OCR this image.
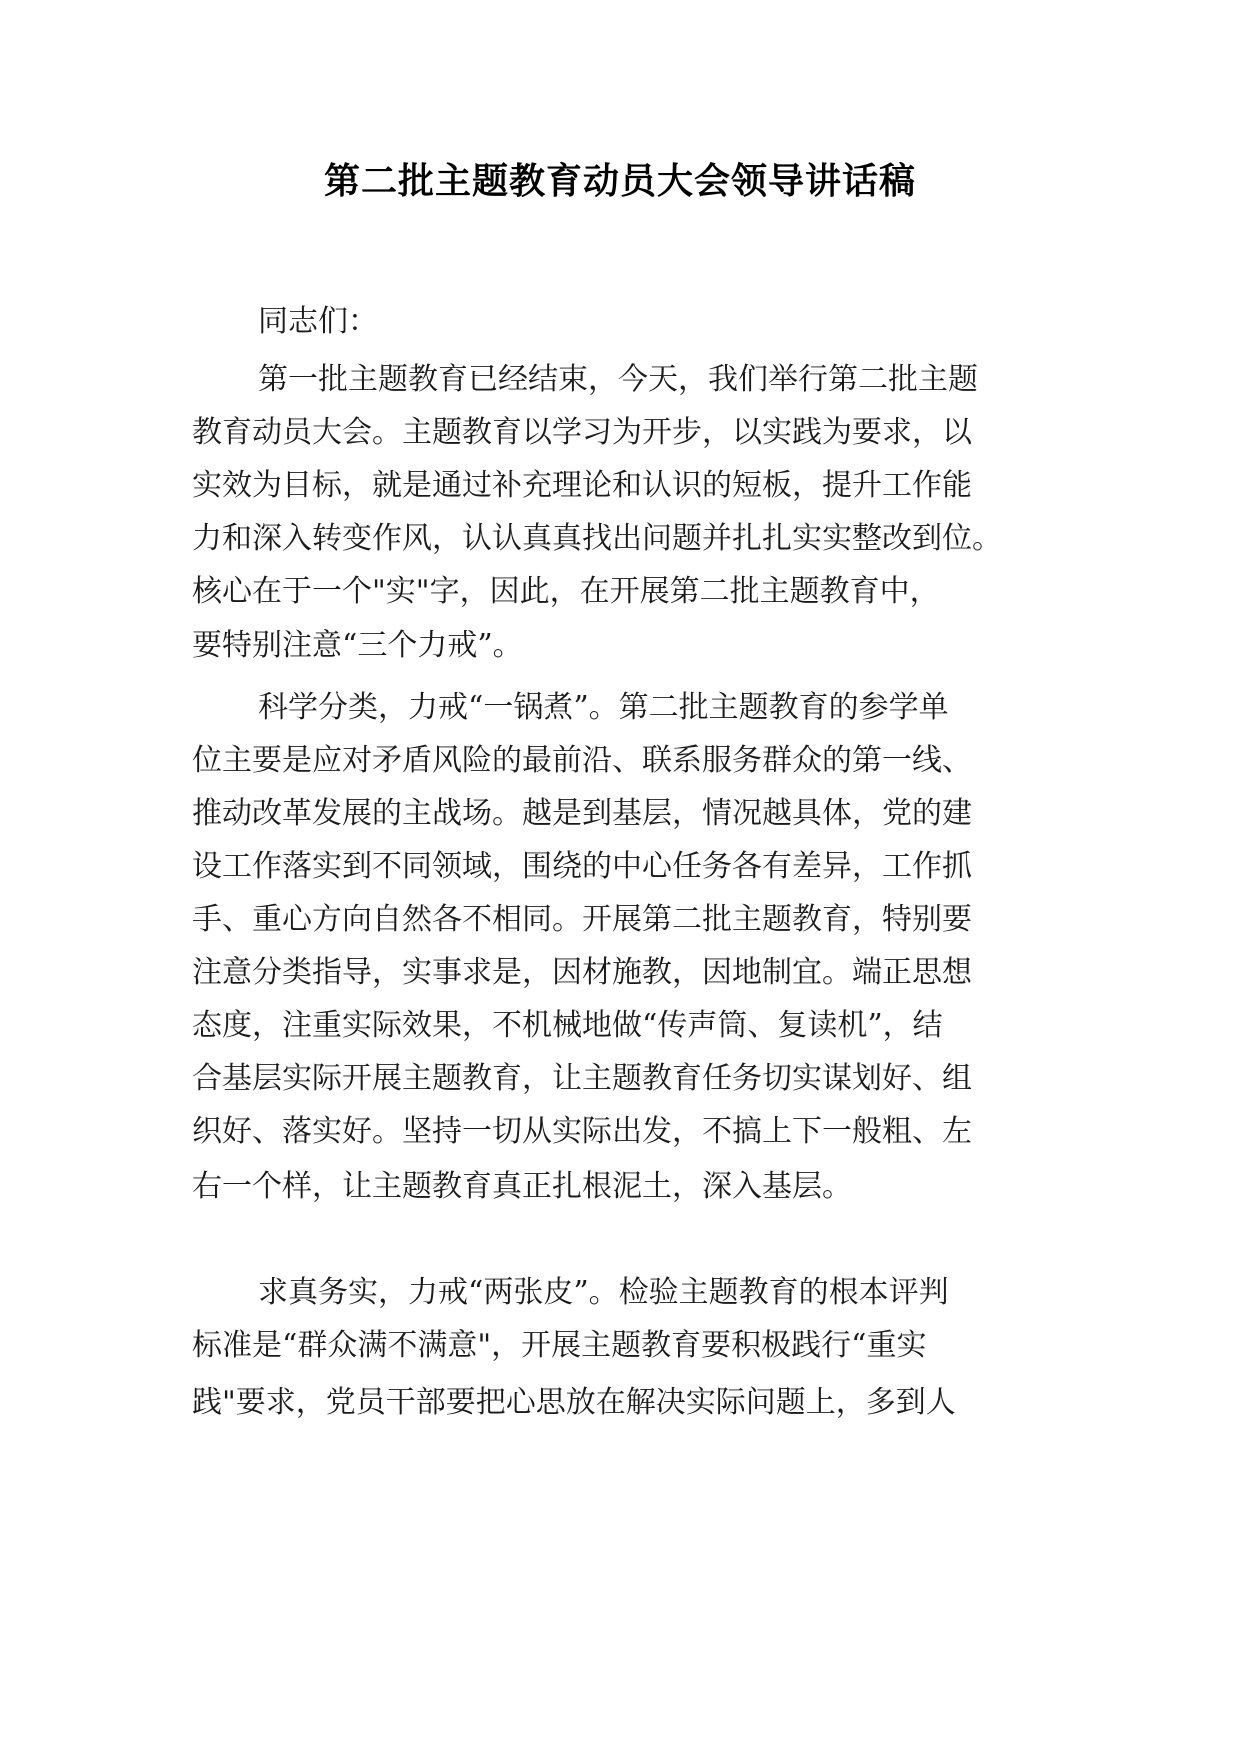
第二批主题教育动员大会领导讲话稿
同志们：
第一批主题教育已经结束，今天，我们举行第二批主题
教育动员大会。主题教育以学习为开步，以实践为要求，以
实效为目标，就是通过补充理论和认识的短板，提升工作能
力和深入转变作风，认认真真找出问题并扎扎实实整改到位。
核心在于一个"实"字，因此，在开展第二批主题教育中，
要特别注意“三个力戒”。
科学分类，力戒“一锅煮”。第二批主题教育的参学单
位主要是应对矛盾风险的最前沿、联系服务群众的第一线、
推动改革发展的主战场。越是到基层，情况越具体，党的建
设工作落实到不同领域，围绕的中心任务各有差异，工作抓
手、重心方向自然各不相同。开展第二批主题教育，特别要
注意分类指导，实事求是，因材施教，因地制宜。端正思想
态度，注重实际效果，不机械地做“传声筒、复读机”，结
合基层实际开展主题教育，让主题教育任务切实谋划好、组
织好、落实好。坚持一切从实际出发，不搞上下一般粗、左
右一个样，让主题教育真正扎根泥土，深入基层。
求真务实，力戒“两张皮”。检验主题教育的根本评判
标准是“群众满不满意"，开展主题教育要积极践行“重实
践"要求，党员干部要把心思放在解决实际问题上，多到人
